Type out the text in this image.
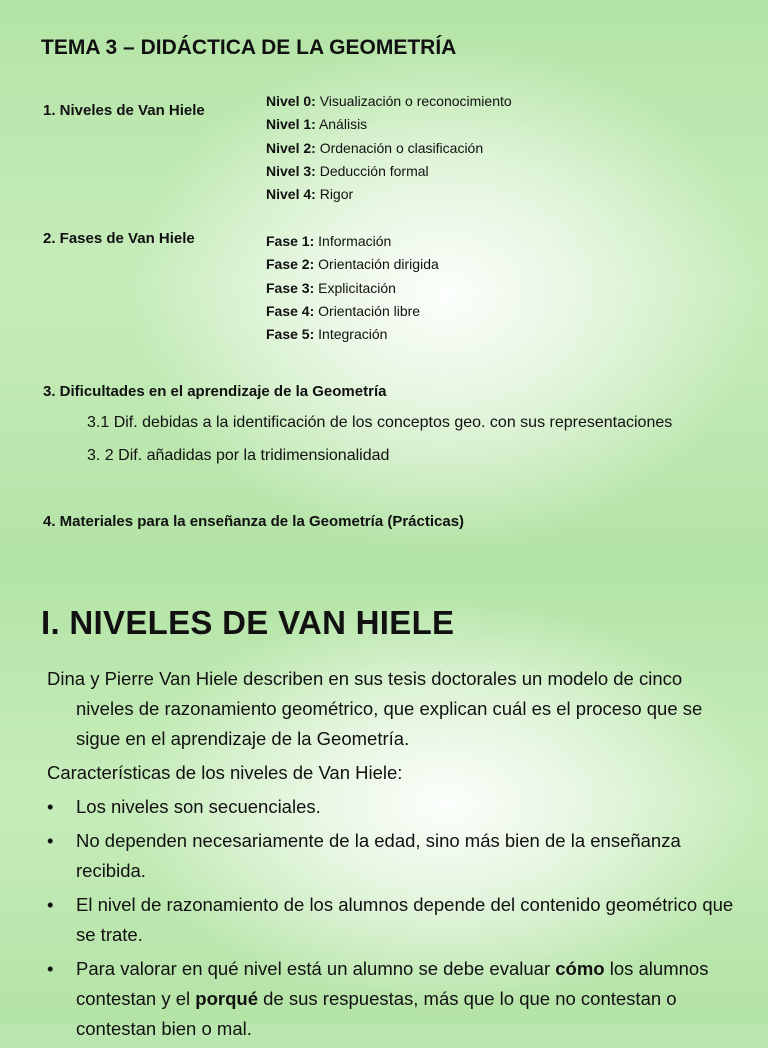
TEMA 3 – DIDÁCTICA DE LA GEOMETRÍA
1. Niveles de Van Hiele
Nivel 0: Visualización o reconocimiento
Nivel 1: Análisis
Nivel 2: Ordenación o clasificación
Nivel 3: Deducción formal
Nivel 4: Rigor
2. Fases de Van Hiele	Fase 1: Información
Fase 2: Orientación dirigida
Fase 3: Explicitación
Fase 4: Orientación libre
Fase 5: Integración
3. Dificultades en el aprendizaje de la Geometría
3.1 Dif. debidas a la identificación de los conceptos geo. con sus representaciones
3. 2 Dif. añadidas por la tridimensionalidad
4. Materiales para la enseñanza de la Geometría (Prácticas)
I. NIVELES DE VAN HIELE
Dina y Pierre Van Hiele describen en sus tesis doctorales un modelo de cinco niveles de razonamiento geométrico, que explican cuál es el proceso que se sigue en el aprendizaje de la Geometría.
Características de los niveles de Van Hiele:
• Los niveles son secuenciales.
• No dependen necesariamente de la edad, sino más bien de la enseñanza recibida.
• El nivel de razonamiento de los alumnos depende del contenido geométrico que se trate.
• Para valorar en qué nivel está un alumno se debe evaluar cómo los alumnos contestan y el porqué de sus respuestas, más que lo que no contestan o contestan bien o mal.
